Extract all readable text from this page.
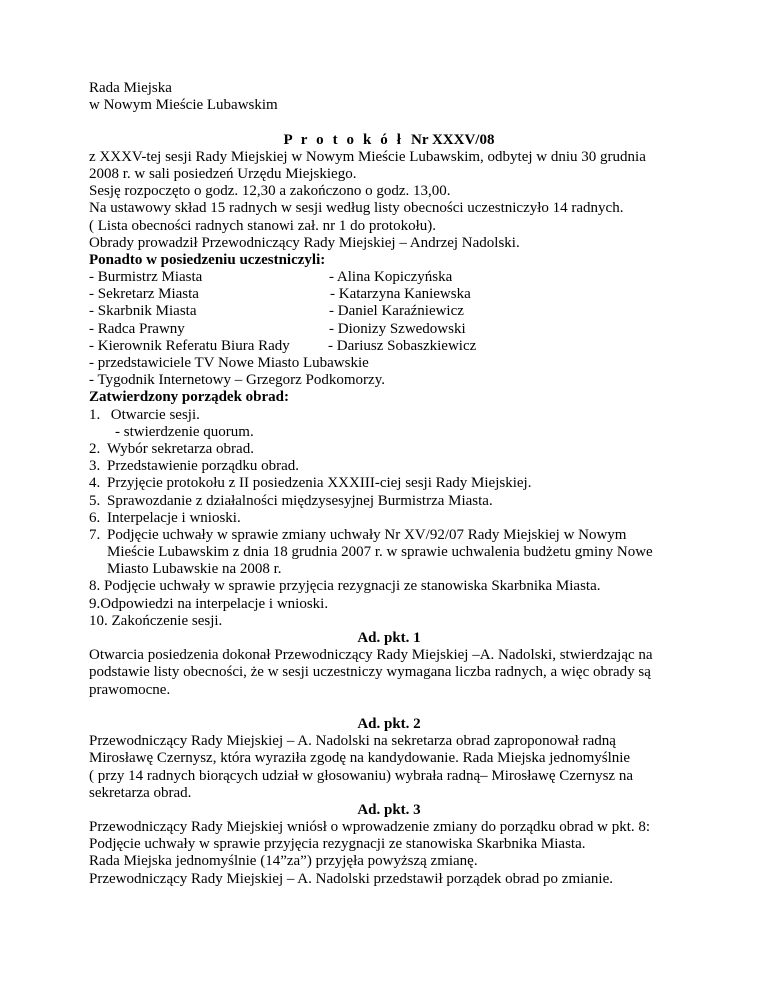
Rada Miejska
w Nowym Mieście Lubawskim
P r o t o k ó ł Nr XXXV/08
z XXXV-tej sesji Rady Miejskiej w Nowym Mieście Lubawskim, odbytej w dniu 30 grudnia
2008 r. w sali posiedzeń Urzędu Miejskiego.
Sesję rozpoczęto o godz. 12,30 a zakończono o godz. 13,00.
Na ustawowy skład 15 radnych w sesji według listy obecności uczestniczyło 14 radnych.
( Lista obecności radnych stanowi zał. nr 1 do protokołu).
Obrady prowadził Przewodniczący Rady Miejskiej – Andrzej Nadolski.
Ponadto w posiedzeniu uczestniczyli:
- Burmistrz Miasta	- Alina Kopiczyńska
- Sekretarz Miasta	- Katarzyna Kaniewska
- Skarbnik Miasta	- Daniel Karaźniewicz
- Radca Prawny	- Dionizy Szwedowski
- Kierownik Referatu Biura Rady	- Dariusz Sobaszkiewicz
- przedstawiciele TV Nowe Miasto Lubawskie
- Tygodnik Internetowy – Grzegorz Podkomorzy.
Zatwierdzony porządek obrad:
1. Otwarcie sesji.
- stwierdzenie quorum.
2. Wybór sekretarza obrad.
3. Przedstawienie porządku obrad.
4. Przyjęcie protokołu z II posiedzenia XXXIII-ciej sesji Rady Miejskiej.
5. Sprawozdanie z działalności międzysesyjnej Burmistrza Miasta.
6. Interpelacje i wnioski.
7. Podjęcie uchwały w sprawie zmiany uchwały Nr XV/92/07 Rady Miejskiej w Nowym
Mieście Lubawskim z dnia 18 grudnia 2007 r. w sprawie uchwalenia budżetu gminy Nowe
Miasto Lubawskie na 2008 r.
8. Podjęcie uchwały w sprawie przyjęcia rezygnacji ze stanowiska Skarbnika Miasta.
9.Odpowiedzi na interpelacje i wnioski.
10. Zakończenie sesji.
Ad. pkt. 1
Otwarcia posiedzenia dokonał Przewodniczący Rady Miejskiej –A. Nadolski, stwierdzając na
podstawie listy obecności, że w sesji uczestniczy wymagana liczba radnych, a więc obrady są
prawomocne.
Ad. pkt. 2
Przewodniczący Rady Miejskiej – A. Nadolski na sekretarza obrad zaproponował radną
Mirosławę Czernysz, która wyraziła zgodę na kandydowanie. Rada Miejska jednomyślnie
( przy 14 radnych biorących udział w głosowaniu) wybrała radną– Mirosławę Czernysz na
sekretarza obrad.
Ad. pkt. 3
Przewodniczący Rady Miejskiej wniósł o wprowadzenie zmiany do porządku obrad w pkt. 8:
Podjęcie uchwały w sprawie przyjęcia rezygnacji ze stanowiska Skarbnika Miasta.
Rada Miejska jednomyślnie (14”za”) przyjęła powyższą zmianę.
Przewodniczący Rady Miejskiej – A. Nadolski przedstawił porządek obrad po zmianie.
